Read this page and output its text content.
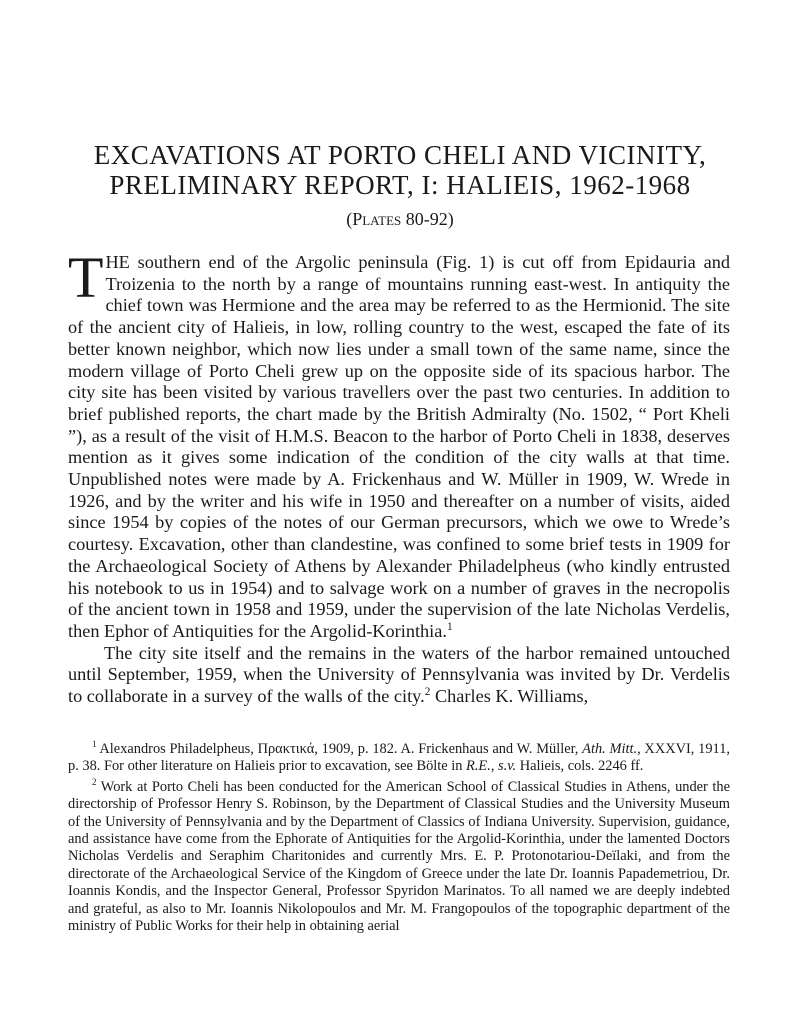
EXCAVATIONS AT PORTO CHELI AND VICINITY,
PRELIMINARY REPORT, I: HALIEIS, 1962-1968
(Plates 80-92)

THE southern end of the Argolic peninsula (Fig. 1) is cut off from Epidauria and Troizenia to the north by a range of mountains running east-west. In antiquity the chief town was Hermione and the area may be referred to as the Hermionid. The site of the ancient city of Halieis, in low, rolling country to the west, escaped the fate of its better known neighbor, which now lies under a small town of the same name, since the modern village of Porto Cheli grew up on the opposite side of its spacious harbor. The city site has been visited by various travellers over the past two centuries. In addition to brief published reports, the chart made by the British Admiralty (No. 1502, “ Port Kheli ”), as a result of the visit of H.M.S. Beacon to the harbor of Porto Cheli in 1838, deserves mention as it gives some indication of the condition of the city walls at that time. Unpublished notes were made by A. Frickenhaus and W. Müller in 1909, W. Wrede in 1926, and by the writer and his wife in 1950 and thereafter on a number of visits, aided since 1954 by copies of the notes of our German precursors, which we owe to Wrede’s courtesy. Excavation, other than clandestine, was confined to some brief tests in 1909 for the Archaeological Society of Athens by Alexander Philadelpheus (who kindly entrusted his notebook to us in 1954) and to salvage work on a number of graves in the necropolis of the ancient town in 1958 and 1959, under the supervision of the late Nicholas Verdelis, then Ephor of Antiquities for the Argolid-Korinthia.$^1$

The city site itself and the remains in the waters of the harbor remained untouched until September, 1959, when the University of Pennsylvania was invited by Dr. Verdelis to collaborate in a survey of the walls of the city.$^2$ Charles K. Williams,

$^1$ Alexandros Philadelpheus, Πρακτικά, 1909, p. 182. A. Frickenhaus and W. Müller, Ath. Mitt., XXXVI, 1911, p. 38. For other literature on Halieis prior to excavation, see Bölte in R.E., s.v. Halieis, cols. 2246 ff.

$^2$ Work at Porto Cheli has been conducted for the American School of Classical Studies in Athens, under the directorship of Professor Henry S. Robinson, by the Department of Classical Studies and the University Museum of the University of Pennsylvania and by the Department of Classics of Indiana University. Supervision, guidance, and assistance have come from the Ephorate of Antiquities for the Argolid-Korinthia, under the lamented Doctors Nicholas Verdelis and Seraphim Charitonides and currently Mrs. E. P. Protonotariou-Deïlaki, and from the directorate of the Archaeological Service of the Kingdom of Greece under the late Dr. Ioannis Papademetriou, Dr. Ioannis Kondis, and the Inspector General, Professor Spyridon Marinatos. To all named we are deeply indebted and grateful, as also to Mr. Ioannis Nikolopoulos and Mr. M. Frangopoulos of the topographic department of the ministry of Public Works for their help in obtaining aerial
